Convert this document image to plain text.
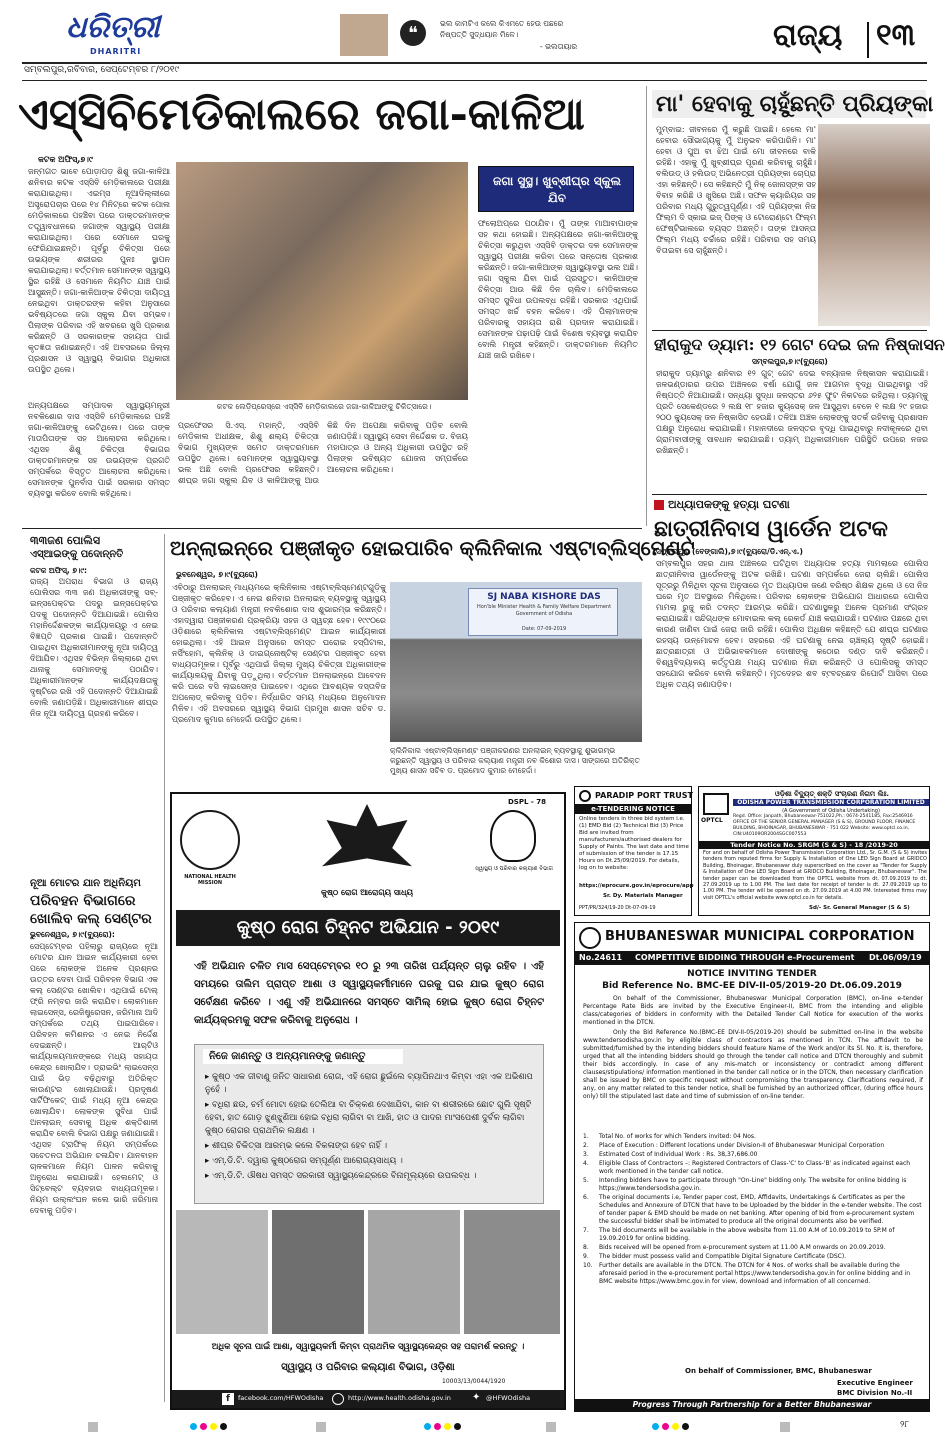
ଧରିତ୍ରୀ
DHARITRI
❝	ଭଲ କାମଟିଏ କଲେ କିଏମତେ ହେଉ ପଛରେ ନିଷ୍ପତ୍ତି ସୁଦ୍ଧୟାନ ମିଳେ।
- ଭଲତାୟାର	ରାଜ୍ୟ ୧୩
ସମ୍ବଲପୁର,ରବିବାର, ସେପ୍ଟେମ୍ବର ୮/୨୦୧୯
ଏସ୍‌ସିବିମେଡିକାଲରେ ଜଗା-କାଳିଆ
କଟକ ଅଫିସ୍‌,୭।୯
ଜନ୍ମଗତ ଭାବେ ପୋଡ଼ାପଡ଼ ଶିଶୁ ଜଗା-କାଳିଆ ଶନିବାର କଟକ ଏସ୍‌ସିବି ମେଡ଼ିକାଲରେ ପରୀକ୍ଷା କରାଯାଇଥିଲା। ଏଇମ୍ସ ନୂଆଦିଲ୍ଲୀରେ ଅସ୍ତ୍ରୋପଚାର ପରେ ୧୪ ମିନିଟ୍‌ରେ କଟକ ପୋଲ ମେଡ଼ିକାଲରେ ପହଞ୍ଚିବା ପରେ ଡାକ୍ତରମାନଙ୍କ ତତ୍ତ୍ୱାବଧାନରେ ଜଗାଙ୍କ ସ୍ୱାସ୍ଥ୍ୟ ପରୀକ୍ଷା କରାଯାଇଥିଲା। ପରେ ସେମାନେ ଘରକୁ ଫେରିଯାଇଛନ୍ତି। ପୂର୍ବରୁ ଚିକିତ୍ସା ପରେ ଉଭୟଙ୍କ ଶରୀରର ପୁନଃ ସ୍ଥାପନ କରାଯାଇଥିଲା। ବର୍ତ୍ତମାନ ସେମାନଙ୍କ ସ୍ୱାସ୍ଥ୍ୟ ସ୍ଥିର ରହିଛି ଓ ସେମାନେ ନିୟମିତ ଯାଞ୍ଚ ପାଇଁ ଆସୁଛନ୍ତି। ଜଗା-କାଳିଆଙ୍କ ଚିକିତ୍ସା ଦାୟିତ୍ୱ ନେଇଥିବା ଡାକ୍ତରଙ୍କ କହିବା ଅନୁସାରେ ଭବିଷ୍ୟତରେ ଜଗା ସ୍କୁଲ ଯିବା ସମ୍ଭବ। ପିଲାଙ୍କ ପରିବାର ଏହି ଖବରରେ ଖୁସି ପ୍ରକାଶ କରିଛନ୍ତି ଓ ସରକାରଙ୍କ ସହାୟତା ପାଇଁ କୃତଜ୍ଞତା ଜଣାଇଛନ୍ତି। ଏହି ଅବସରରେ ଜିଲ୍ଲା ପ୍ରଶାସନ ଓ ସ୍ୱାସ୍ଥ୍ୟ ବିଭାଗର ଅଧିକାରୀ ଉପସ୍ଥିତ ଥିଲେ।
କଟକ ଲେଡ଼ିପ୍ରେସ୍‌ରେ ଏସ୍‌ସିବି ମେଡ଼ିକାଲରେ ଜଗା-କାଳିଆଙ୍କୁ ଚିକିତ୍ସାରେ।
ଜଗା ସୁସ୍ଥ। ଖୁବ୍‌ଶୀଘ୍ର ସ୍କୁଲ ଯିବ
ଫଲୋଅପ୍‌ରେ ପଠାଯିବ। ମୁଁ ତାଙ୍କ ମାଆବାପାଙ୍କ ସହ କଥା ହୋଇଛି। ଅନ୍ୟପକ୍ଷରେ ଜଗା-କାଳିଆଙ୍କୁ ଚିକିତ୍ସା କରୁଥିବା ଏସ୍‌ସିବି ଡ଼ାକ୍ତର ଦଳ ସେମାନଙ୍କ ସ୍ୱାସ୍ଥ୍ୟ ପରୀକ୍ଷା କରିବା ପରେ ସନ୍ତୋଷ ପ୍ରକାଶ କରିଛନ୍ତି। ଜଗା-କାଳିଆଙ୍କ ସ୍ୱାସ୍ଥ୍ୟାବସ୍ଥା ଭଲ ଅଛି। ଜଗା ସ୍କୁଲ ଯିବା ପାଇଁ ପ୍ରସ୍ତୁତ। କାଳିଆଙ୍କ ଚିକିତ୍ସା ଆଉ କିଛି ଦିନ ଚାଲିବ। ମେଡ଼ିକାଲରେ ସମସ୍ତ ସୁବିଧା ଉପଲବ୍ଧ ରହିଛି। ସରକାର ଏଥିପାଇଁ ସମସ୍ତ ଖର୍ଚ୍ଚ ବହନ କରିବେ। ଏହି ପିଲାମାନଙ୍କ ପରିବାରକୁ ସହାୟତା ରାଶି ପ୍ରଦାନ କରାଯାଇଛି। ସେମାନଙ୍କ ପଢ଼ାପଢ଼ି ପାଇଁ ବିଶେଷ ବ୍ୟବସ୍ଥା କରାଯିବ ବୋଲି ମନ୍ତ୍ରୀ କହିଛନ୍ତି। ଡାକ୍ତରମାନେ ନିୟମିତ ଯାଞ୍ଚ ଜାରି ରଖିବେ।
ଅନ୍ୟପକ୍ଷରେ ସମ୍ପାଦକ ସ୍ୱାସ୍ଥ୍ୟମନ୍ତ୍ରୀ ନବକିଶୋର ଦାସ ଏସ୍‌ସିବି ମେଡ଼ିକାଲରେ ପହଞ୍ଚି ଜଗା-କାଳିଆଙ୍କୁ ଭେଟିଥିଲେ। ପରେ ତାଙ୍କ ମାତାପିତାଙ୍କ ସହ ଆଲୋଚନା କରିଥିଲେ। ଏଥିସହ ଶିଶୁ ଚିକିତ୍ସା ବିଭାଗର ଡାକ୍ତରମାନଙ୍କ ସହ ଉଭୟଙ୍କ ପ୍ରଗତି ସମ୍ପର୍କରେ ବିସ୍ତୃତ ଆଲୋଚନା କରିଥିଲେ। ସେମାନଙ୍କ ପୁନର୍ବାସ ପାଇଁ ସରକାର ସମସ୍ତ ବ୍ୟବସ୍ଥା କରିବେ ବୋଲି କହିଥିଲେ।
ପ୍ରଫେସର ସି.ଏସ୍‌. ମହାନ୍ତି, ଏସ୍‌ସିବି ମେଡ଼ିକାଲ ଅଧୀକ୍ଷକ, ଶିଶୁ ଶଲ୍ୟ ଚିକିତ୍ସା ବିଭାଗ ମୁଖ୍ୟଙ୍କ ସମେତ ଡାକ୍ତରମାନେ ଉପସ୍ଥିତ ଥିଲେ। ସେମାନଙ୍କ ସ୍ୱାସ୍ଥ୍ୟାବସ୍ଥା ଭଲ ଅଛି ବୋଲି ପ୍ରଫେସର କହିଛନ୍ତି। ଶୀଘ୍ର ଜଗା ସ୍କୁଲ ଯିବ ଓ କାଳିଆଙ୍କୁ ଆଉ କିଛି ଦିନ ଅପେକ୍ଷା କରିବାକୁ ପଡ଼ିବ ବୋଲି ଜଣାପଡ଼ିଛି। ସ୍ୱାସ୍ଥ୍ୟ ସେବା ନିର୍ଦ୍ଦେଶକ ଡ. ବିଜୟ ମହାପାତ୍ର ଓ ଅନ୍ୟ ଅଧିକାରୀ ଉପସ୍ଥିତ ରହି ପିଲାଙ୍କ ଭବିଷ୍ୟତ ଯୋଜନା ସମ୍ପର୍କରେ ଆଲୋଚନା କରିଥିଲେ।
ମା' ହେବାକୁ ଚାହୁଁଛନ୍ତି ପ୍ରିୟଙ୍କା
ମୁମ୍ବାଇ: ଜୀବନରେ ମୁଁ କରୁଛି ପାଇଛି। ହେଲେ ମା' ହେବାର ସୌଭାଗ୍ୟକୁ ମୁଁ ଅନୁଭବ କରିପାରିନି। ମା' ହେବା ଓ ପୁଅ ବା ଝିଅ ପାଇଁ ମୋ ଜୀବନରେ ବାକି ରହିଛି। ଏହାକୁ ମୁଁ ଖୁବ୍‌ଶୀଘ୍ର ପୂରଣ କରିବାକୁ ଚାହୁଁଛି। ବଲିଉଡ୍‌ ଓ ହଲିଉଡ୍‌ ଅଭିନେତ୍ରୀ ପ୍ରିୟଙ୍କା ଚୋପ୍ରା ଏହା କହିଛନ୍ତି। ସେ କହିଛନ୍ତି ମୁଁ ନିକ୍‌ ଜୋନାସ୍‌ଙ୍କ ସହ ବିବାହ କରିଛି ଓ ଖୁସିରେ ଅଛି। ସଫଳ କ୍ୟାରିୟର ସହ ପରିବାର ମଧ୍ୟ ଗୁରୁତ୍ୱପୂର୍ଣ୍ଣ। ଏହି ପ୍ରିୟଙ୍କା ନିଜ ଫିଲ୍ମ ଦି ସ୍କାଇ ଇଜ୍‌ ପିଙ୍କ୍‌ ଓ ଟୋରୋଣ୍ଟୋ ଫିଲ୍ମ ଫେଷ୍ଟିଭାଲରେ ବ୍ୟସ୍ତ ଅଛନ୍ତି। ତାଙ୍କ ଆସନ୍ତା ଫିଲ୍ମ ମଧ୍ୟ ଚର୍ଚ୍ଚାରେ ରହିଛି। ପରିବାର ସହ ସମୟ ବିତାଇବା ସେ ଚାହୁଁଛନ୍ତି।
ହୀରାକୁଦ ଡ୍ୟାମ: ୧୨ ଗେଟ ଦେଇ ଜଳ ନିଷ୍କାସନ
ସମ୍ବଲପୁର,୭।୯(ବ୍ୟୁରୋ)
ହୀରାକୁଦ ଡ୍ୟାମ୍‌ରୁ ଶନିବାର ୧୨ ଗୁଟ୍‌ ଗେଟ ଦେଇ ବନ୍ୟାଜଳ ନିଷ୍କାସନ କରାଯାଇଛି। ଜଳଭଣ୍ଡାରର ଉପର ଅଞ୍ଚଳରେ ବର୍ଷା ଯୋଗୁଁ ଜଳ ଆଗମନ ବୃଦ୍ଧି ପାଇଥିବାରୁ ଏହି ନିଷ୍ପତ୍ତି ନିଆଯାଇଛି। ସନ୍ଧ୍ୟା ସୁଦ୍ଧା ଜଳସ୍ତର ୬୨୫ ଫୁଟ ନିକଟରେ ରହିଥିଲା। ଡ୍ୟାମ୍‌କୁ ପ୍ରତି ସେକେଣ୍ଡରେ ୨ ଲକ୍ଷ ୧୮ ହଜାର କ୍ୟୁସେକ୍‌ ଜଳ ଆସୁଥିବା ବେଳେ ୧ ଲକ୍ଷ ୨୯ ହଜାର ୨୦୦ କ୍ୟୁସେକ୍‌ ଜଳ ନିଷ୍କାସିତ ହେଉଛି। ତଳିଆ ଅଞ୍ଚଳ ଲୋକଙ୍କୁ ସତର୍କ ରହିବାକୁ ପ୍ରଶାସନ ପକ୍ଷରୁ ଅନୁରୋଧ କରାଯାଇଛି। ମହାନଦୀରେ ଜଳସ୍ତର ବୃଦ୍ଧି ପାଇଥିବାରୁ ନଦୀକୂଳରେ ଥିବା ଗ୍ରାମବାସୀଙ୍କୁ ସାବଧାନ କରାଯାଇଛି। ଡ୍ୟାମ୍‌ ଅଧିକାରୀମାନେ ପରିସ୍ଥିତି ଉପରେ ନଜର ରଖିଛନ୍ତି।
ଅଧ୍ୟାପକଙ୍କୁ ହତ୍ୟା ଘଟଣା
ଛାତ୍ରୀନିବାସ ୱାର୍ଡେନ ଅଟକ
ସମ୍ବଲପୁର (ବେଙ୍ଗାଲି),୭।୯(ବ୍ୟୁରୋ/ଡି.ଏନ୍‌.ଏ.)
ସମ୍ବଲପୁର ସହର ଥାନା ଅଞ୍ଚଳରେ ଘଟିଥିବା ଅଧ୍ୟାପକ ହତ୍ୟା ମାମଲାରେ ପୋଲିସ ଛାତ୍ରୀନିବାସ ୱାର୍ଡେନଙ୍କୁ ଅଟକ ରଖିଛି। ଘଟଣା ସମ୍ପର୍କରେ ଜେରା ଚାଲିଛି। ପୋଲିସ ସୂତ୍ରରୁ ମିଳିଥିବା ସୂଚନା ଅନୁସାରେ ମୃତ ଅଧ୍ୟାପକ ଜଣେ ବରିଷ୍ଠ ଶିକ୍ଷକ ଥିଲେ ଓ ସେ ନିଜ ଘରେ ମୃତ ଅବସ୍ଥାରେ ମିଳିଥିଲେ। ପରିବାର ଲୋକଙ୍କ ଅଭିଯୋଗ ଆଧାରରେ ପୋଲିସ ମାମଲା ରୁଜୁ କରି ତଦନ୍ତ ଆରମ୍ଭ କରିଛି। ଘଟଣାସ୍ଥଳରୁ ଅନେକ ପ୍ରମାଣ ସଂଗ୍ରହ କରାଯାଇଛି। ସନ୍ଦିଗ୍ଧଙ୍କ ମୋବାଇଲ କଲ୍‌ ରେକର୍ଡ ଯାଞ୍ଚ କରାଯାଉଛି। ଘଟଣାର ପଛରେ ଥିବା କାରଣ ଜାଣିବା ପାଇଁ ଜେରା ଜାରି ରହିଛି। ପୋଲିସ ଅଧିକ୍ଷକ କହିଛନ୍ତି ଯେ ଶୀଘ୍ର ଘଟଣାର ରହସ୍ୟ ଉନ୍ମୋଚନ ହେବ। ସହରରେ ଏହି ଘଟଣାକୁ ନେଇ ଚାଞ୍ଚଲ୍ୟ ସୃଷ୍ଟି ହୋଇଛି। ଛାତ୍ରଛାତ୍ରୀ ଓ ଅଭିଭାବକମାନେ ଦୋଷୀଙ୍କୁ କଠୋର ଦଣ୍ଡ ଦାବି କରିଛନ୍ତି। ବିଶ୍ୱବିଦ୍ୟାଳୟ କର୍ତ୍ତୃପକ୍ଷ ମଧ୍ୟ ଘଟଣାର ନିନ୍ଦା କରିଛନ୍ତି ଓ ପୋଲିସକୁ ସମସ୍ତ ସହଯୋଗ କରିବେ ବୋଲି କହିଛନ୍ତି। ମୃତଦେହର ଶବ ବ୍୯ବଚ୍ଛେଦ ରିପୋର୍ଟ ଆସିବା ପରେ ଅଧିକ ତଥ୍ୟ ଜଣାପଡ଼ିବ।
୩୩ଜଣ ପୋଲିସ
ଏସ୍‌ଆଇଙ୍କୁ ପଦୋନ୍ନତି
କଟକ ଅଫିସ୍‌, ୭।୯:
ରାଜ୍ୟ ଅପରାଧ ବିଭାଗ ଓ ରାଜ୍ୟ ପୋଲିସର ୩୩ ଜଣ ଅଧିକାରୀଙ୍କୁ ସବ୍‌-ଇନ୍‌ସପେକ୍ଟର ପଦରୁ ଇନ୍‌ସପେକ୍ଟର ପଦକୁ ପଦୋନ୍ନତି ଦିଆଯାଇଛି। ପୋଲିସ ମହାନିର୍ଦ୍ଦେଶକଙ୍କ କାର୍ଯ୍ୟାଳୟରୁ ଏ ନେଇ ବିଜ୍ଞପ୍ତି ପ୍ରକାଶ ପାଇଛି। ପଦୋନ୍ନତି ପାଇଥିବା ଅଧିକାରୀମାନଙ୍କୁ ନୂଆ ଦାୟିତ୍ୱ ଦିଆଯିବ। ଏଥିସହ ବିଭିନ୍ନ ଜିଲ୍ଲାରେ ଥିବା ଥାନାକୁ ସେମାନଙ୍କୁ ପଠାଯିବ। ଅଧିକାରୀମାନଙ୍କ କାର୍ଯ୍ୟଦକ୍ଷତାକୁ ଦୃଷ୍ଟିରେ ରଖି ଏହି ପଦୋନ୍ନତି ଦିଆଯାଇଛି ବୋଲି ଜଣାପଡ଼ିଛି। ଅଧିକାରୀମାନେ ଶୀଘ୍ର ନିଜ ନୂଆ ଦାୟିତ୍ୱ ଗ୍ରହଣ କରିବେ।
ନୂଆ ମୋଟର ଯାନ ଅଧିନିୟମ
ପରିବହନ ବିଭାଗରେ ଖୋଲିବ କଲ୍‌ ସେଣ୍ଟର
ଭୁବନେଶ୍ୱର, ୭।୯(ବ୍ୟୁରୋ):
ସେପ୍ଟେମ୍ବର ପହିଲାରୁ ରାଜ୍ୟରେ ନୂଆ ମୋଟର ଯାନ ଆଇନ କାର୍ଯ୍ୟକାରୀ ହେବା ପରେ ଲୋକଙ୍କ ଅନେକ ପ୍ରଶ୍ନର ଉତ୍ତର ଦେବା ପାଇଁ ପରିବହନ ବିଭାଗ ଏକ କଲ୍‌ ସେଣ୍ଟର ଖୋଲିବ। ଏଥିପାଇଁ ଟୋଲ୍‌ ଫ୍ରି ନମ୍ବର ଜାରି କରାଯିବ। ଲୋକମାନେ ଲାଇସେନ୍ସ, ରେଜିଷ୍ଟ୍ରେସନ, ଜରିମାନା ଆଦି ସମ୍ପର୍କରେ ତଥ୍ୟ ପାଇପାରିବେ। ପରିବହନ କମିଶନର ଏ ନେଇ ନିର୍ଦ୍ଦେଶ ଦେଇଛନ୍ତି। ଆର୍‌ଟିଓ କାର୍ଯ୍ୟାଳୟମାନଙ୍କରେ ମଧ୍ୟ ସହାୟତା କେନ୍ଦ୍ର ଖୋଲାଯିବ। ଡ୍ରାଇଭିଂ ଲାଇସେନ୍ସ ପାଇଁ ଭିଡ଼ ବଢ଼ିଥିବାରୁ ଅତିରିକ୍ତ କାଉଣ୍ଟର ଖୋଲାଯାଉଛି। ପ୍ରଦୂଷଣ ସାର୍ଟିଫିକେଟ୍‌ ପାଇଁ ମଧ୍ୟ ନୂଆ କେନ୍ଦ୍ର ଖୋଲାଯିବ। ଲୋକଙ୍କ ସୁବିଧା ପାଇଁ ଅନଲାଇନ୍‌ ସେବାକୁ ଅଧିକ ଶକ୍ତିଶାଳୀ କରାଯିବ ବୋଲି ବିଭାଗ ପକ୍ଷରୁ ଜଣାଯାଇଛି। ଏଥିସହ ଟ୍ରାଫିକ୍‌ ନିୟମ ସମ୍ପର୍କରେ ସଚେତନତା ଅଭିଯାନ ଚଳାଯିବ। ଯାନବାହନ ଚାଳକମାନେ ନିୟମ ପାଳନ କରିବାକୁ ଅନୁରୋଧ କରାଯାଇଛି। ହେଲମେଟ୍‌ ଓ ସିଟ୍‌ବେଲ୍ଟ ବ୍ୟବହାର ବାଧ୍ୟତାମୂଳକ। ନିୟମ ଉଲ୍ଲଂଘନ କଲେ ଭାରି ଜରିମାନା ଦେବାକୁ ପଡ଼ିବ।
ଅନ୍‌ଲାଇନ୍‌ରେ ପଞ୍ଜୀକୃତ ହୋଇପାରିବ କ୍ଲିନିକାଲ ଏଷ୍ଟାବ୍ଲିସ୍‌ମେଣ୍ଟ
ଭୁବନେଶ୍ୱର, ୭।୯(ବ୍ୟୁରୋ)
ଏବିଠାରୁ ଅନଲାଇନ୍‌ ମାଧ୍ୟମରେ କ୍ଲିନିକାଲ ଏଷ୍ଟାବ୍ଲିସ୍‌ମେଣ୍ଟଗୁଡ଼ିକୁ ପଞ୍ଜୀକୃତ କରିହେବ। ଏ ନେଇ ଶନିବାର ଅନଲାଇନ୍‌ ବ୍ୟବସ୍ଥାକୁ ସ୍ୱାସ୍ଥ୍ୟ ଓ ପରିବାର କଲ୍ୟାଣ ମନ୍ତ୍ରୀ ନବକିଶୋର ଦାସ ଶୁଭାରମ୍ଭ କରିଛନ୍ତି। ଏହାଦ୍ୱାରା ପଞ୍ଜୀକରଣ ପ୍ରକ୍ରିୟା ସହଜ ଓ ସ୍ୱଚ୍ଛ ହେବ। ୧୯୯୦ରେ ଓଡ଼ିଶାରେ କ୍ଲିନିକାଲ ଏଷ୍ଟାବ୍ଲିସ୍‌ମେଣ୍ଟ ଆଇନ କାର୍ଯ୍ୟକାରୀ ହୋଇଥିଲା। ଏହି ଆଇନ ଅନୁସାରେ ସମସ୍ତ ଘରୋଇ ହସ୍ପିଟାଲ, ନର୍ସିଂହୋମ, କ୍ଲିନିକ୍‌ ଓ ଡାଇଗ୍ନୋଷ୍ଟିକ୍‌ ସେଣ୍ଟର ପଞ୍ଜୀକୃତ ହେବା ବାଧ୍ୟତାମୂଳକ। ପୂର୍ବରୁ ଏଥିପାଇଁ ଜିଲ୍ଲା ମୁଖ୍ୟ ଚିକିତ୍ସା ଅଧିକାରୀଙ୍କ କାର୍ଯ୍ୟାଳୟକୁ ଯିବାକୁ ପଡ଼ୁଥିଲା। ବର୍ତ୍ତମାନ ଅନଲାଇନ୍‌ରେ ଆବେଦନ କରି ଘରେ ବସି ଲାଇସେନ୍ସ ପାଇହେବ। ଏଥିରେ ଆବଶ୍ୟକ ଦସ୍ତାବିଜ ଅପଲୋଡ୍‌ କରିବାକୁ ପଡ଼ିବ। ନିର୍ଦ୍ଧାରିତ ସମୟ ମଧ୍ୟରେ ଅନୁମୋଦନ ମିଳିବ। ଏହି ଅବସରରେ ସ୍ୱାସ୍ଥ୍ୟ ବିଭାଗ ପ୍ରମୁଖ ଶାସନ ସଚିବ ଡ. ପ୍ରମୋଦ କୁମାର ମେହେର୍ଦ୍ଦା ଉପସ୍ଥିତ ଥିଲେ।
SJ NABA KISHORE DAS
Hon'ble Minister Health & Family Welfare Department Government of Odisha
Date: 07-09-2019
କ୍ଲିନିକାଲ ଏଷ୍ଟାବ୍ଲିସ୍‌ମେଣ୍ଟ ପଞ୍ଜୀକରଣର ଅନଲାଇନ୍‌ ବ୍ୟବସ୍ଥାକୁ ଶୁଭାରମ୍ଭ କରୁଛନ୍ତି ସ୍ୱାସ୍ଥ୍ୟ ଓ ପରିବାର କଲ୍ୟାଣ ମନ୍ତ୍ରୀ ନବ କିଶୋର ଦାସ। ସାଙ୍ଗରେ ଅତିରିକ୍ତ ମୁଖ୍ୟ ଶାସନ ସଚିବ ଡ. ପ୍ରମୋଦ କୁମାର ମେହେର୍ଦ୍ଦା।
DSPL - 78
NATIONAL HEALTH MISSION
କୁଷ୍ଠ ରୋଗ ଆରୋଗ୍ୟ ସାଧ୍ୟ
ସ୍ୱାସ୍ଥ୍ୟ ଓ ପରିବାର କଲ୍ୟାଣ ବିଭାଗ
କୁଷ୍ଠ ରୋଗ ଚିହ୍ନଟ ଅଭିଯାନ - ୨୦୧୯
ଏହି ଅଭିଯାନ ଚଳିତ ମାସ ସେପ୍ଟେମ୍ବର ୧୦ ରୁ ୨୩ ତାରିଖ ପର୍ଯ୍ୟନ୍ତ ଚାଲୁ ରହିବ । ଏହି ସମୟରେ ତାଲିମ ପ୍ରାପ୍ତ ଆଶା ଓ ସ୍ୱାସ୍ଥ୍ୟକର୍ମୀମାନେ ଘରକୁ ଘର ଯାଇ କୁଷ୍ଠ ରୋଗ ସର୍ବେକ୍ଷଣ କରିବେ । ଏଣୁ ଏହି ଅଭିଯାନରେ ସମସ୍ତେ ସାମିଲ୍ ହୋଇ କୁଷ୍ଠ ରୋଗ ଚିହ୍ନଟ କାର୍ଯ୍ୟକ୍ରମକୁ ସଫଳ କରିବାକୁ ଅନୁରୋଧ ।
ନିଜେ ଜାଣନ୍ତୁ ଓ ଅନ୍ୟମାନଙ୍କୁ ଜଣାନ୍ତୁ
▸ କୁଷ୍ଠ ଏକ ଜୀବାଣୁ ଜନିତ ସାଧାରଣ ରୋଗ, ଏହି ରୋଗ ଛୁଇଁଲେ ବ୍ୟାପିନଥାଏ କିମ୍ବା ଏହା ଏକ ଅଭିଶାପ ନୁହେଁ ।
▸ ବଧିରା ଛଉ, ଚର୍ମ ମୋଟା ହୋଇ ତେଲିଆ ବା ଚିକ୍କଣ ଦେଖାଯିବା, କାନ ବା ଶରୀରରେ ଛୋଟ ଗୁଲି ସୃଷ୍ଟି ହେବା, ହାତ ଗୋଡ଼ ଝୁଣ୍ଝୁଣିଆ ହୋଇ ବଧିରା ଲାଗିବା ବା ଆଖି, ହାତ ଓ ପାଦର ମାଂସପେଶୀ ଦୁର୍ବଳ ଲାଗିବା କୁଷ୍ଠ ରୋଗର ପ୍ରାଥମିକ ଲକ୍ଷଣ ।
▸ ଶୀଘ୍ର ଚିକିତ୍ସା ଆରମ୍ଭ କଲେ ବିକଳାଙ୍ଗ ହେବ ନାହିଁ ।
▸ ଏମ୍.ଡି.ଟି. ଦ୍ୱାରା କୁଷ୍ଠରୋଗ ସମ୍ପୂର୍ଣ୍ଣ ଆରୋଗ୍ୟସାଧ୍ୟ ।
▸ ଏମ୍.ଡି.ଟି. ଔଷଧ ସମସ୍ତ ସରକାରୀ ସ୍ୱାସ୍ଥ୍ୟକେନ୍ଦ୍ରରେ ବିନାମୂଲ୍ୟରେ ଉପଲବ୍ଧ ।
ଅଧିକ ସୂଚନା ପାଇଁ ଆଶା, ସ୍ୱାସ୍ଥ୍ୟକର୍ମୀ କିମ୍ବା ପ୍ରାଥମିକ ସ୍ୱାସ୍ଥ୍ୟକେନ୍ଦ୍ର ସହ ପରାମର୍ଶ କରନ୍ତୁ ।
ସ୍ୱାସ୍ଥ୍ୟ ଓ ପରିବାର କଲ୍ୟାଣ ବିଭାଗ, ଓଡ଼ିଶା
10003/13/0044/1920
f	facebook.com/HFWOdisha	http://www.health.odisha.gov.in ✦ @HFWOdisha
PARADIP PORT TRUST
e-TENDERING NOTICE
Online tenders in three bid system i.e. (1) EMD Bid (2) Technical Bid (3) Price Bid are invited from manufacturers/authorised dealers for Supply of Paints. The last date and time of submission of the tender is 17.15 Hours on Dt.25/09/2019. For details, log on to website:
https://eprocure.gov.in/eprocure/app
Sr. Dy. Materials Manager
PPT/PR/324/19-20 Dt-07-09-19
OPTCL
ଓଡ଼ିଶା ବିଦ୍ୟୁତ୍ ଶକ୍ତି ସଂଚାରଣ ନିଗମ ଲିଃ.
ODISHA POWER TRANSMISSION CORPORATION LIMITED
(A Government of Odisha Undertaking)
Regd. Office: Janpath, Bhubaneswar-751022,Ph.: 0674-2541185, Fax:2546916 OFFICE OF THE SENIOR GENERAL MANAGER (S & S), GROUND FLOOR, FINANCE BUILDING, BHOINAGAR, BHUBANESWAR - 751 022 Website: www.optcl.co.in, CIN:U40109OR2004SGC007553
Tender Notice No. SRGM (S & S) - 18 /2019-20
For and on behalf of Odisha Power Transmission Corporation Ltd., Sr. G.M. (S & S) invites tenders from reputed firms for Supply & Installation of One LED Sign Board at GRIDCO Building, Bhoinagar, Bhubaneswar duly superscribed on the cover as "Tender for Supply & Installation of One LED Sign Board at GRIDCO Building, Bhoinagar, Bhubaneswar". The tender paper can be downloaded from the OPTCL website from dt. 07.09.2019 to dt. 27.09.2019 up to 1.00 PM. The last date for receipt of tender is dt. 27.09.2019 up to 1.00 PM. The tender will be opened on dt. 27.09.2019 at 4.00 PM. Interested firms may visit OPTCL's official website www.optcl.co.in for details.
Sd/- Sr. General Manager (S & S)
BHUBANESWAR MUNICIPAL CORPORATION
No.24611 COMPETITIVE BIDDING THROUGH e-Procurement Dt.06/09/19
NOTICE INVITING TENDER
Bid Reference No. BMC-EE DIV-II-05/2019-20 Dt.06.09.2019
On behalf of the Commissioner, Bhubaneswar Municipal Corporation (BMC), on-line e-tender Percentage Rate Bids are invited by the Executive Engineer-II, BMC from the intending and eligible class/categories of bidders in conformity with the Detailed Tender Call Notice for execution of the works mentioned in the DTCN.
Only the Bid Reference No.(BMC-EE DIV-II-05/2019-20) should be submitted on-line in the website www.tendersodisha.gov.in by eligible class of contractors as mentioned in TCN. The affidavit to be submitted/furnished by the intending bidders should feature Name of the Work and/or its Sl. No. It is, therefore, urged that all the intending bidders should go through the tender call notice and DTCN thoroughly and submit their bids accordingly. In case of any mis-match or inconsistency or contradict among different clauses/stipulations/ information mentioned in the tender call notice or in the DTCN, then necessary clarification shall be issued by BMC on specific request without compromising the transparency. Clarifications required, if any, on any matter related to this tender notice, shall be furnished by an authorized officer, (during office hours only) till the stipulated last date and time of submission of on-line tender.
1.	Total No. of works for which Tenders invited: 04 Nos.
2.	Place of Execution : Different locations under Division-II of Bhubaneswar Municipal Corporation
3.	Estimated Cost of Individual Work : Rs. 38,37,686.00
4.	Eligible Class of Contractors –: Registered Contractors of Class-'C' to Class-'B' as indicated against each work mentioned in the tender call notice.
5.	Intending bidders have to participate through "On-Line" bidding only. The website for online bidding is https://www.tendersodisha.gov.in.
6.	The original documents i.e, Tender paper cost, EMD, Affidavits, Undertakings & Certificates as per the Schedules and Annexure of DTCN that have to be Uploaded by the bidder in the e-tender website. The cost of tender paper & EMD should be made on net banking. After opening of bid from e-procurement system the successful bidder shall be intimated to produce all the original documents also be verified.
7.	The bid documents will be available in the above website from 11.00 A.M of 10.09.2019 to 5P.M of 19.09.2019 for online bidding.
8.	Bids received will be opened from e-procurement system at 11.00 A.M onwards on 20.09.2019.
9.	The bidder must possess valid and Compatible Digital Signature Certificate (DSC).
10.	Further details are available in the DTCN. The DTCN for 4 Nos. of works shall be available during the aforesaid period in the e-procurement portal https://www.tendersodisha.gov.in for online bidding and in BMC website https://www.bmc.gov.in for view, download and information of all concerned.
On behalf of Commissioner, BMC, Bhubaneswar
Executive Engineer
BMC Division No.-II
Progress Through Partnership for a Better Bhubaneswar
୨୮
